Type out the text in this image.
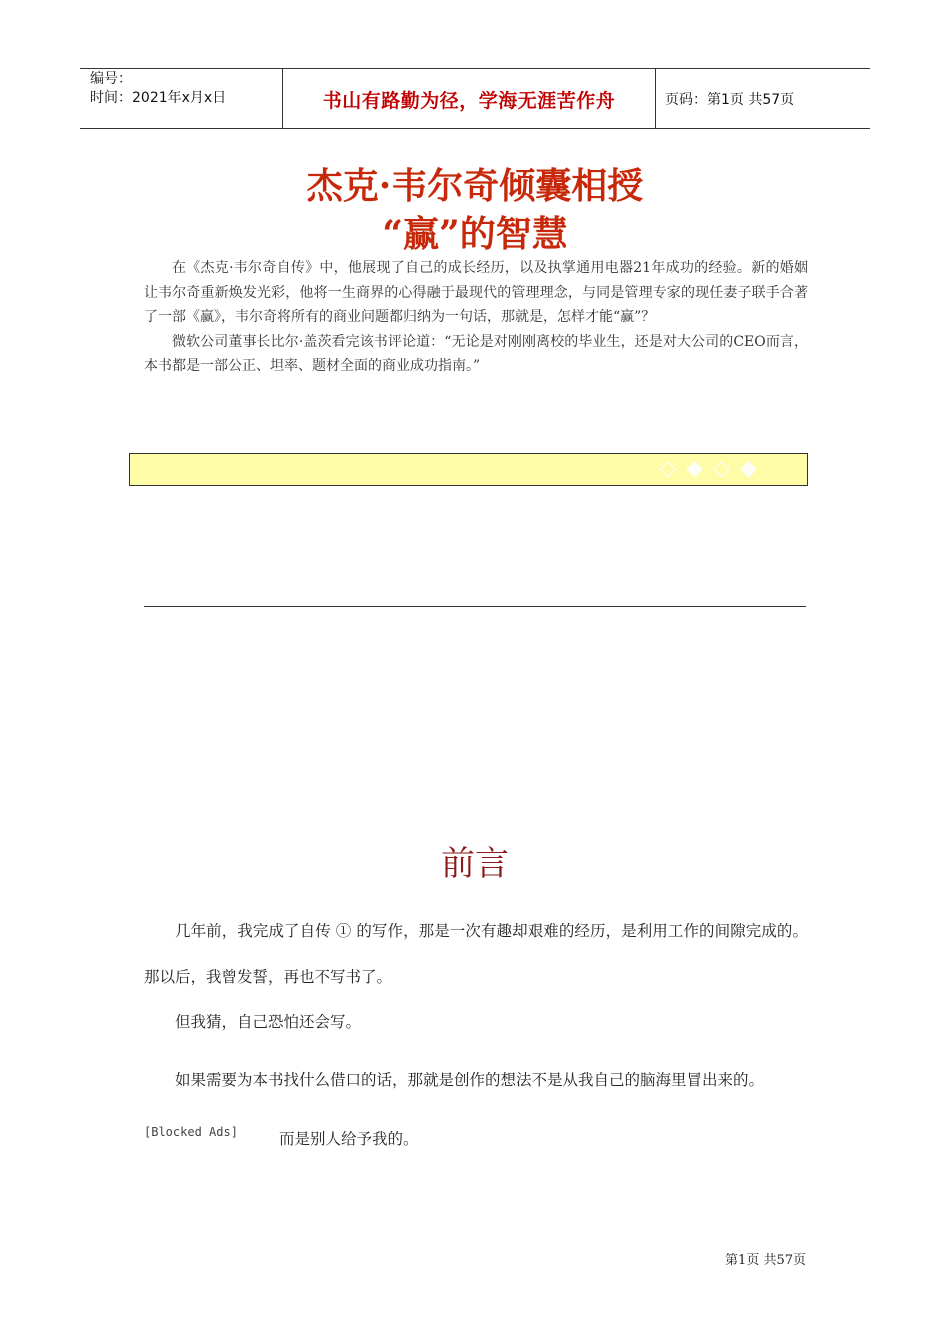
编号：
时间：2021年x月x日	书山有路勤为径，学海无涯苦作舟	页码：第1页 共57页
杰克·韦尔奇倾囊相授
“赢”的智慧

在《杰克·韦尔奇自传》中，他展现了自己的成长经历，以及执掌通用电器21年成功的经验。新的婚姻让韦尔奇重新焕发光彩，他将一生商界的心得融于最现代的管理理念，与同是管理专家的现任妻子联手合著了一部《赢》，韦尔奇将所有的商业问题都归纳为一句话，那就是，怎样才能“赢”？

微软公司董事长比尔·盖茨看完该书评论道：“无论是对刚刚离校的毕业生，还是对大公司的CEO而言，本书都是一部公正、坦率、题材全面的商业成功指南。”

◇◆◇◆
前言
几年前，我完成了自传 ① 的写作，那是一次有趣却艰难的经历，是利用工作的间隙完成的。那以后，我曾发誓，再也不写书了。
但我猜，自己恐怕还会写。
如果需要为本书找什么借口的话，那就是创作的想法不是从我自己的脑海里冒出来的。
[Blocked Ads]	而是别人给予我的。
第1页 共57页
